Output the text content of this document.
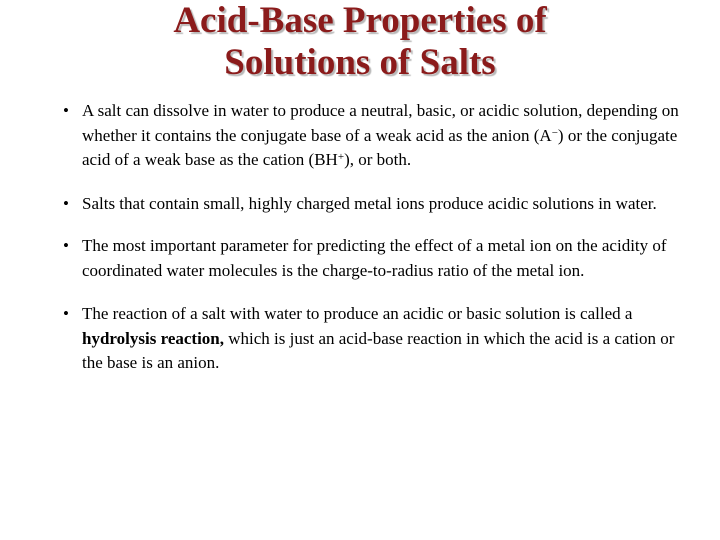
Acid-Base Properties of
Solutions of Salts
• A salt can dissolve in water to produce a neutral, basic, or acidic solution, depending on whether it contains the conjugate base of a weak acid as the anion (A−) or the conjugate acid of a weak base as the cation (BH+), or both.
• Salts that contain small, highly charged metal ions produce acidic solutions in water.
• The most important parameter for predicting the effect of a metal ion on the acidity of coordinated water molecules is the charge-to-radius ratio of the metal ion.
• The reaction of a salt with water to produce an acidic or basic solution is called a hydrolysis reaction, which is just an acid-base reaction in which the acid is a cation or the base is an anion.
